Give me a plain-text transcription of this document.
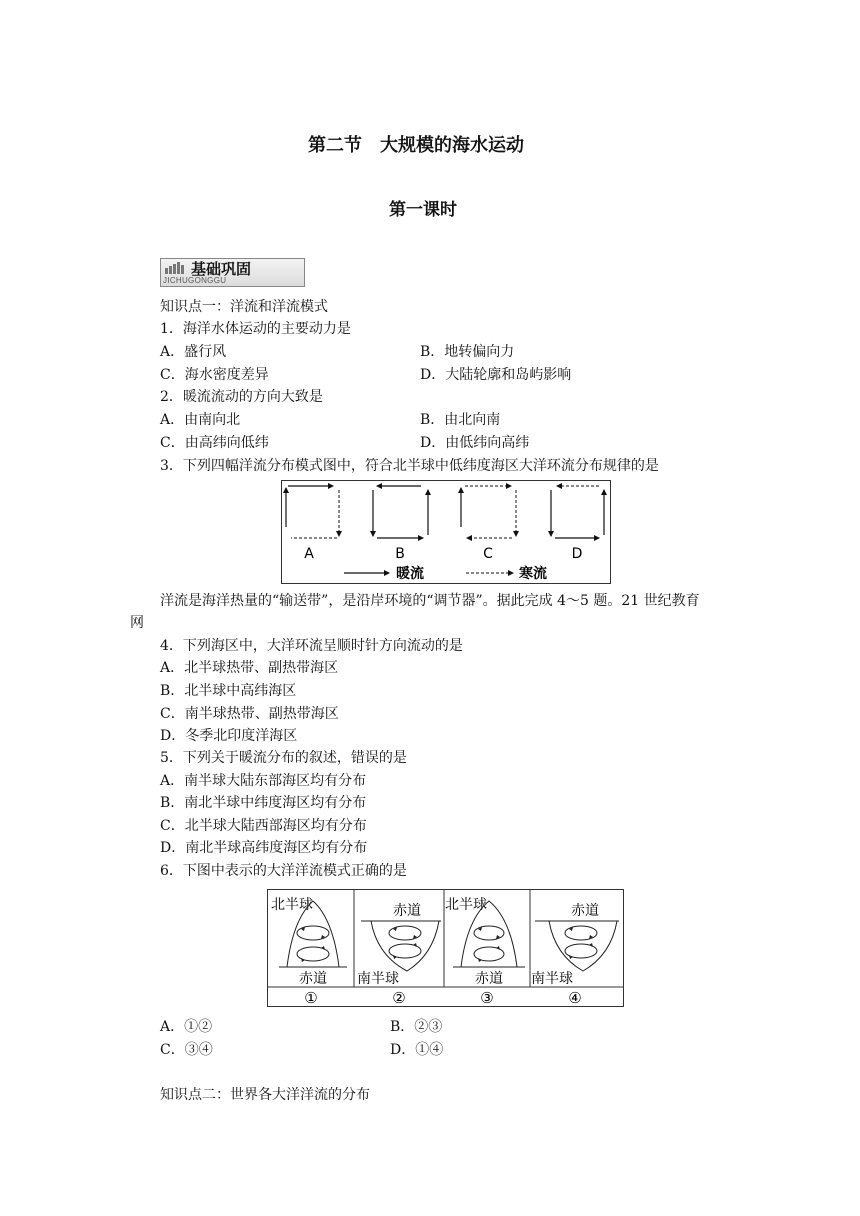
第二节　大规模的海水运动
第一课时
基础巩固
JICHUGONGGU
知识点一：洋流和洋流模式
1．海洋水体运动的主要动力是
A．盛行风	B．地转偏向力
C．海水密度差异	D．大陆轮廓和岛屿影响
2．暖流流动的方向大致是
A．由南向北	B．由北向南
C．由高纬向低纬	D．由低纬向高纬
3．下列四幅洋流分布模式图中，符合北半球中低纬度海区大洋环流分布规律的是
A	B	C	D
暖流	寒流
洋流是海洋热量的“输送带”，是沿岸环境的“调节器”。据此完成 4～5 题。21 世纪教育
网
4．下列海区中，大洋环流呈顺时针方向流动的是
A．北半球热带、副热带海区
B．北半球中高纬海区
C．南半球热带、副热带海区
D．冬季北印度洋海区
5．下列关于暖流分布的叙述，错误的是
A．南半球大陆东部海区均有分布
B．南北半球中纬度海区均有分布
C．北半球大陆西部海区均有分布
D．南北半球高纬度海区均有分布
6．下图中表示的大洋洋流模式正确的是
北半球
赤道
赤道
南半球
北半球
赤道
赤道
南半球
①	②	③	④
A．①②	B．②③
C．③④	D．①④
知识点二：世界各大洋洋流的分布
